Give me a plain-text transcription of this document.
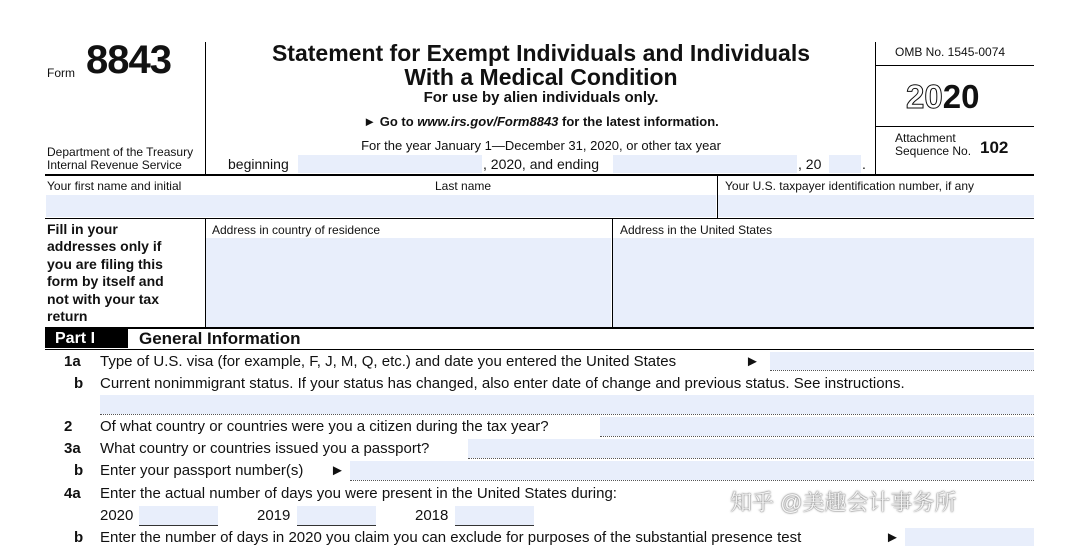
Form 8843
Department of the Treasury
Internal Revenue Service
Statement for Exempt Individuals and Individuals
With a Medical Condition
For use by alien individuals only.
► Go to www.irs.gov/Form8843 for the latest information.
For the year January 1—December 31, 2020, or other tax year
beginning	, 2020, and ending	, 20	.
OMB No. 1545-0074
2020
Attachment
Sequence No. 102
Your first name and initial	Last name	Your U.S. taxpayer identification number, if any
Fill in your
addresses only if
you are filing this
form by itself and
not with your tax
return
Address in country of residence	Address in the United States
Part I	General Information
1a Type of U.S. visa (for example, F, J, M, Q, etc.) and date you entered the United States	►
b Current nonimmigrant status. If your status has changed, also enter date of change and previous status. See instructions.
2 Of what country or countries were you a citizen during the tax year?
3a What country or countries issued you a passport?
b Enter your passport number(s) ►
4a Enter the actual number of days you were present in the United States during:
2020	2019	2018
b Enter the number of days in 2020 you claim you can exclude for purposes of the substantial presence test	►
知乎 @美趣会计事务所
